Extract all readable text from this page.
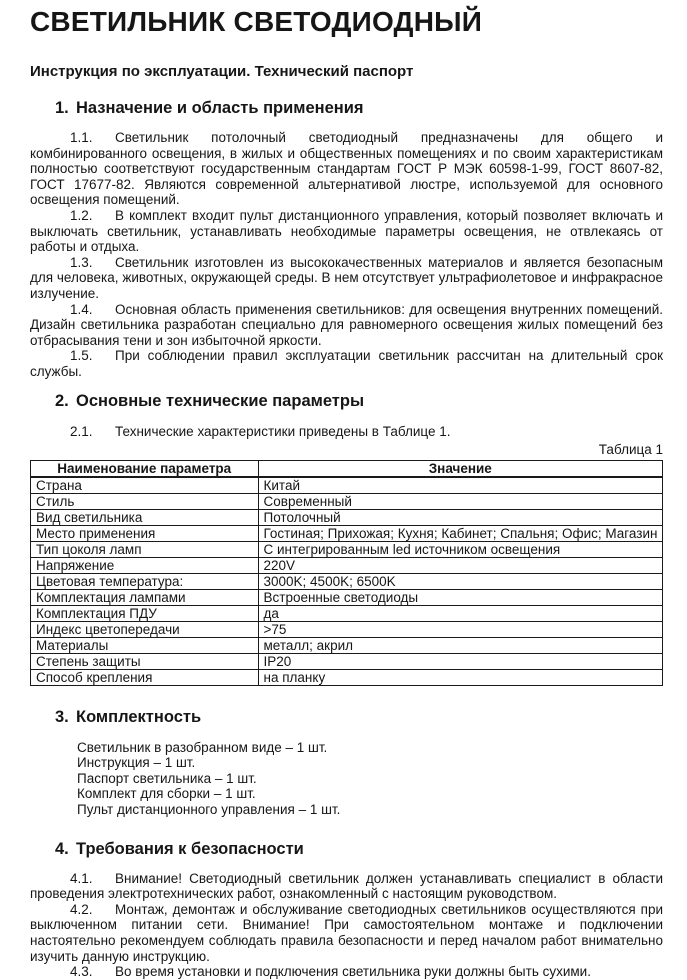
СВЕТИЛЬНИК СВЕТОДИОДНЫЙ
Инструкция по эксплуатации. Технический паспорт
1. Назначение и область применения

1.1. Светильник потолочный светодиодный предназначены для общего и комбинированного освещения, в жилых и общественных помещениях и по своим характеристикам полностью соответствуют государственным стандартам ГОСТ Р МЭК 60598-1-99, ГОСТ 8607-82, ГОСТ 17677-82. Являются современной альтернативой люстре, используемой для основного освещения помещений.

1.2. В комплект входит пульт дистанционного управления, который позволяет включать и выключать светильник, устанавливать необходимые параметры освещения, не отвлекаясь от работы и отдыха.

1.3. Светильник изготовлен из высококачественных материалов и является безопасным для человека, животных, окружающей среды. В нем отсутствует ультрафиолетовое и инфракрасное излучение.

1.4. Основная область применения светильников: для освещения внутренних помещений. Дизайн светильника разработан специально для равномерного освещения жилых помещений без отбрасывания тени и зон избыточной яркости.

1.5. При соблюдении правил эксплуатации светильник рассчитан на длительный срок службы.

2. Основные технические параметры

2.1. Технические характеристики приведены в Таблице 1.

Таблица 1
Наименование параметра	Значение
Страна	Китай
Стиль	Современный
Вид светильника	Потолочный
Место применения	Гостиная; Прихожая; Кухня; Кабинет; Спальня; Офис; Магазин
Тип цоколя ламп	С интегрированным led источником освещения
Напряжение	220V
Цветовая температура:	3000K; 4500K; 6500K
Комплектация лампами	Встроенные светодиоды
Комплектация ПДУ	да
Индекс цветопередачи	>75
Материалы	металл; акрил
Степень защиты	IP20
Способ крепления	на планку
3. Комплектность
Светильник в разобранном виде – 1 шт.
Инструкция – 1 шт.
Паспорт светильника – 1 шт.
Комплект для сборки – 1 шт.
Пульт дистанционного управления – 1 шт.
4. Требования к безопасности

4.1. Внимание! Светодиодный светильник должен устанавливать специалист в области проведения электротехнических работ, ознакомленный с настоящим руководством.

4.2. Монтаж, демонтаж и обслуживание светодиодных светильников осуществляются при выключенном питании сети. Внимание! При самостоятельном монтаже и подключении настоятельно рекомендуем соблюдать правила безопасности и перед началом работ внимательно изучить данную инструкцию.

4.3. Во время установки и подключения светильника руки должны быть сухими.
